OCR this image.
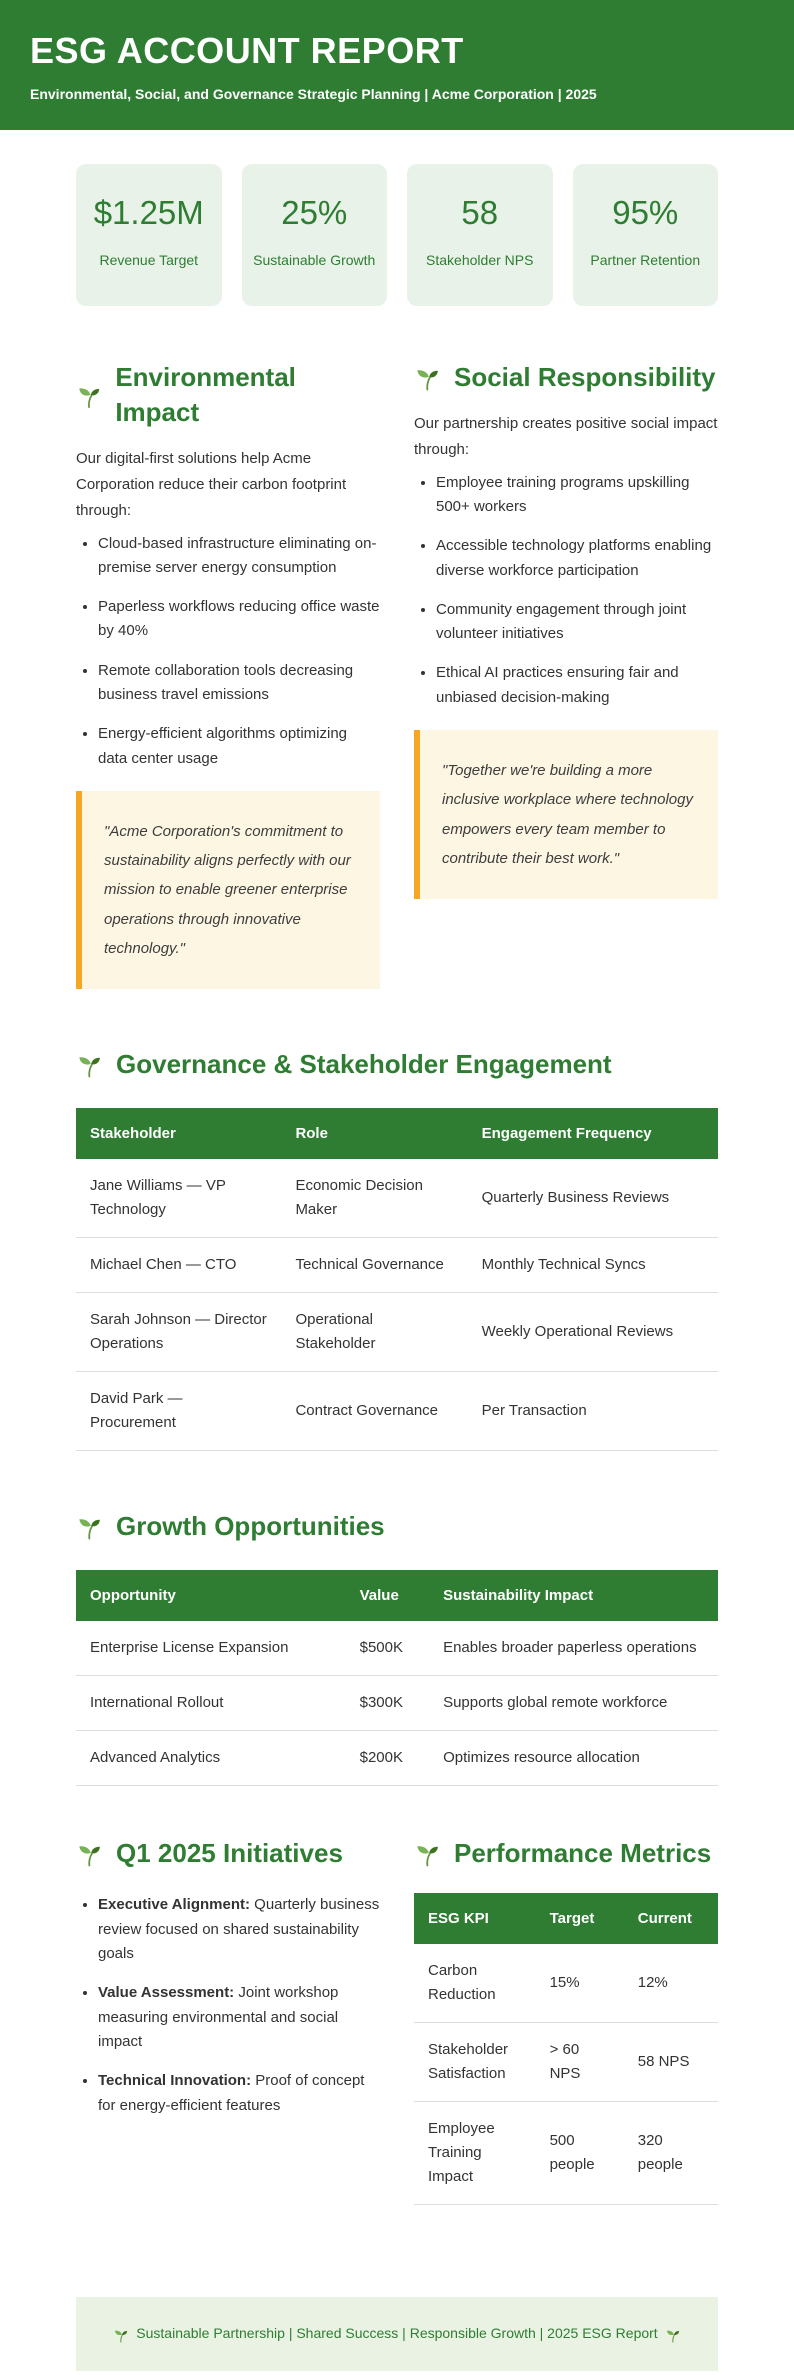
ESG ACCOUNT REPORT

Environmental, Social, and Governance Strategic Planning | Acme Corporation | 2025

$1.25M
Revenue Target
25%
Sustainable Growth
58
Stakeholder NPS
95%
Partner Retention
Environmental Impact

Our digital-first solutions help Acme Corporation reduce their carbon footprint through:

• Cloud-based infrastructure eliminating on-premise server energy consumption
• Paperless workflows reducing office waste by 40%
• Remote collaboration tools decreasing business travel emissions
• Energy-efficient algorithms optimizing data center usage
"Acme Corporation's commitment to sustainability aligns perfectly with our mission to enable greener enterprise operations through innovative technology."
Social Responsibility

Our partnership creates positive social impact through:

• Employee training programs upskilling 500+ workers
• Accessible technology platforms enabling diverse workforce participation
• Community engagement through joint volunteer initiatives
• Ethical AI practices ensuring fair and unbiased decision-making
"Together we're building a more inclusive workplace where technology empowers every team member to contribute their best work."
Governance & Stakeholder Engagement
Stakeholder	Role	Engagement Frequency
Jane Williams — VP Technology	Economic Decision Maker	Quarterly Business Reviews
Michael Chen — CTO	Technical Governance	Monthly Technical Syncs
Sarah Johnson — Director Operations	Operational Stakeholder	Weekly Operational Reviews
David Park — Procurement	Contract Governance	Per Transaction
Growth Opportunities
Opportunity	Value	Sustainability Impact
Enterprise License Expansion	$500K	Enables broader paperless operations
International Rollout	$300K	Supports global remote workforce
Advanced Analytics	$200K	Optimizes resource allocation
Q1 2025 Initiatives
• Executive Alignment: Quarterly business review focused on shared sustainability goals
• Value Assessment: Joint workshop measuring environmental and social impact
• Technical Innovation: Proof of concept for energy-efficient features
Performance Metrics
ESG KPI	Target	Current
Carbon Reduction	15%	12%
Stakeholder Satisfaction	> 60 NPS	58 NPS
Employee Training Impact	500 people	320 people
Sustainable Partnership | Shared Success | Responsible Growth | 2025 ESG Report
